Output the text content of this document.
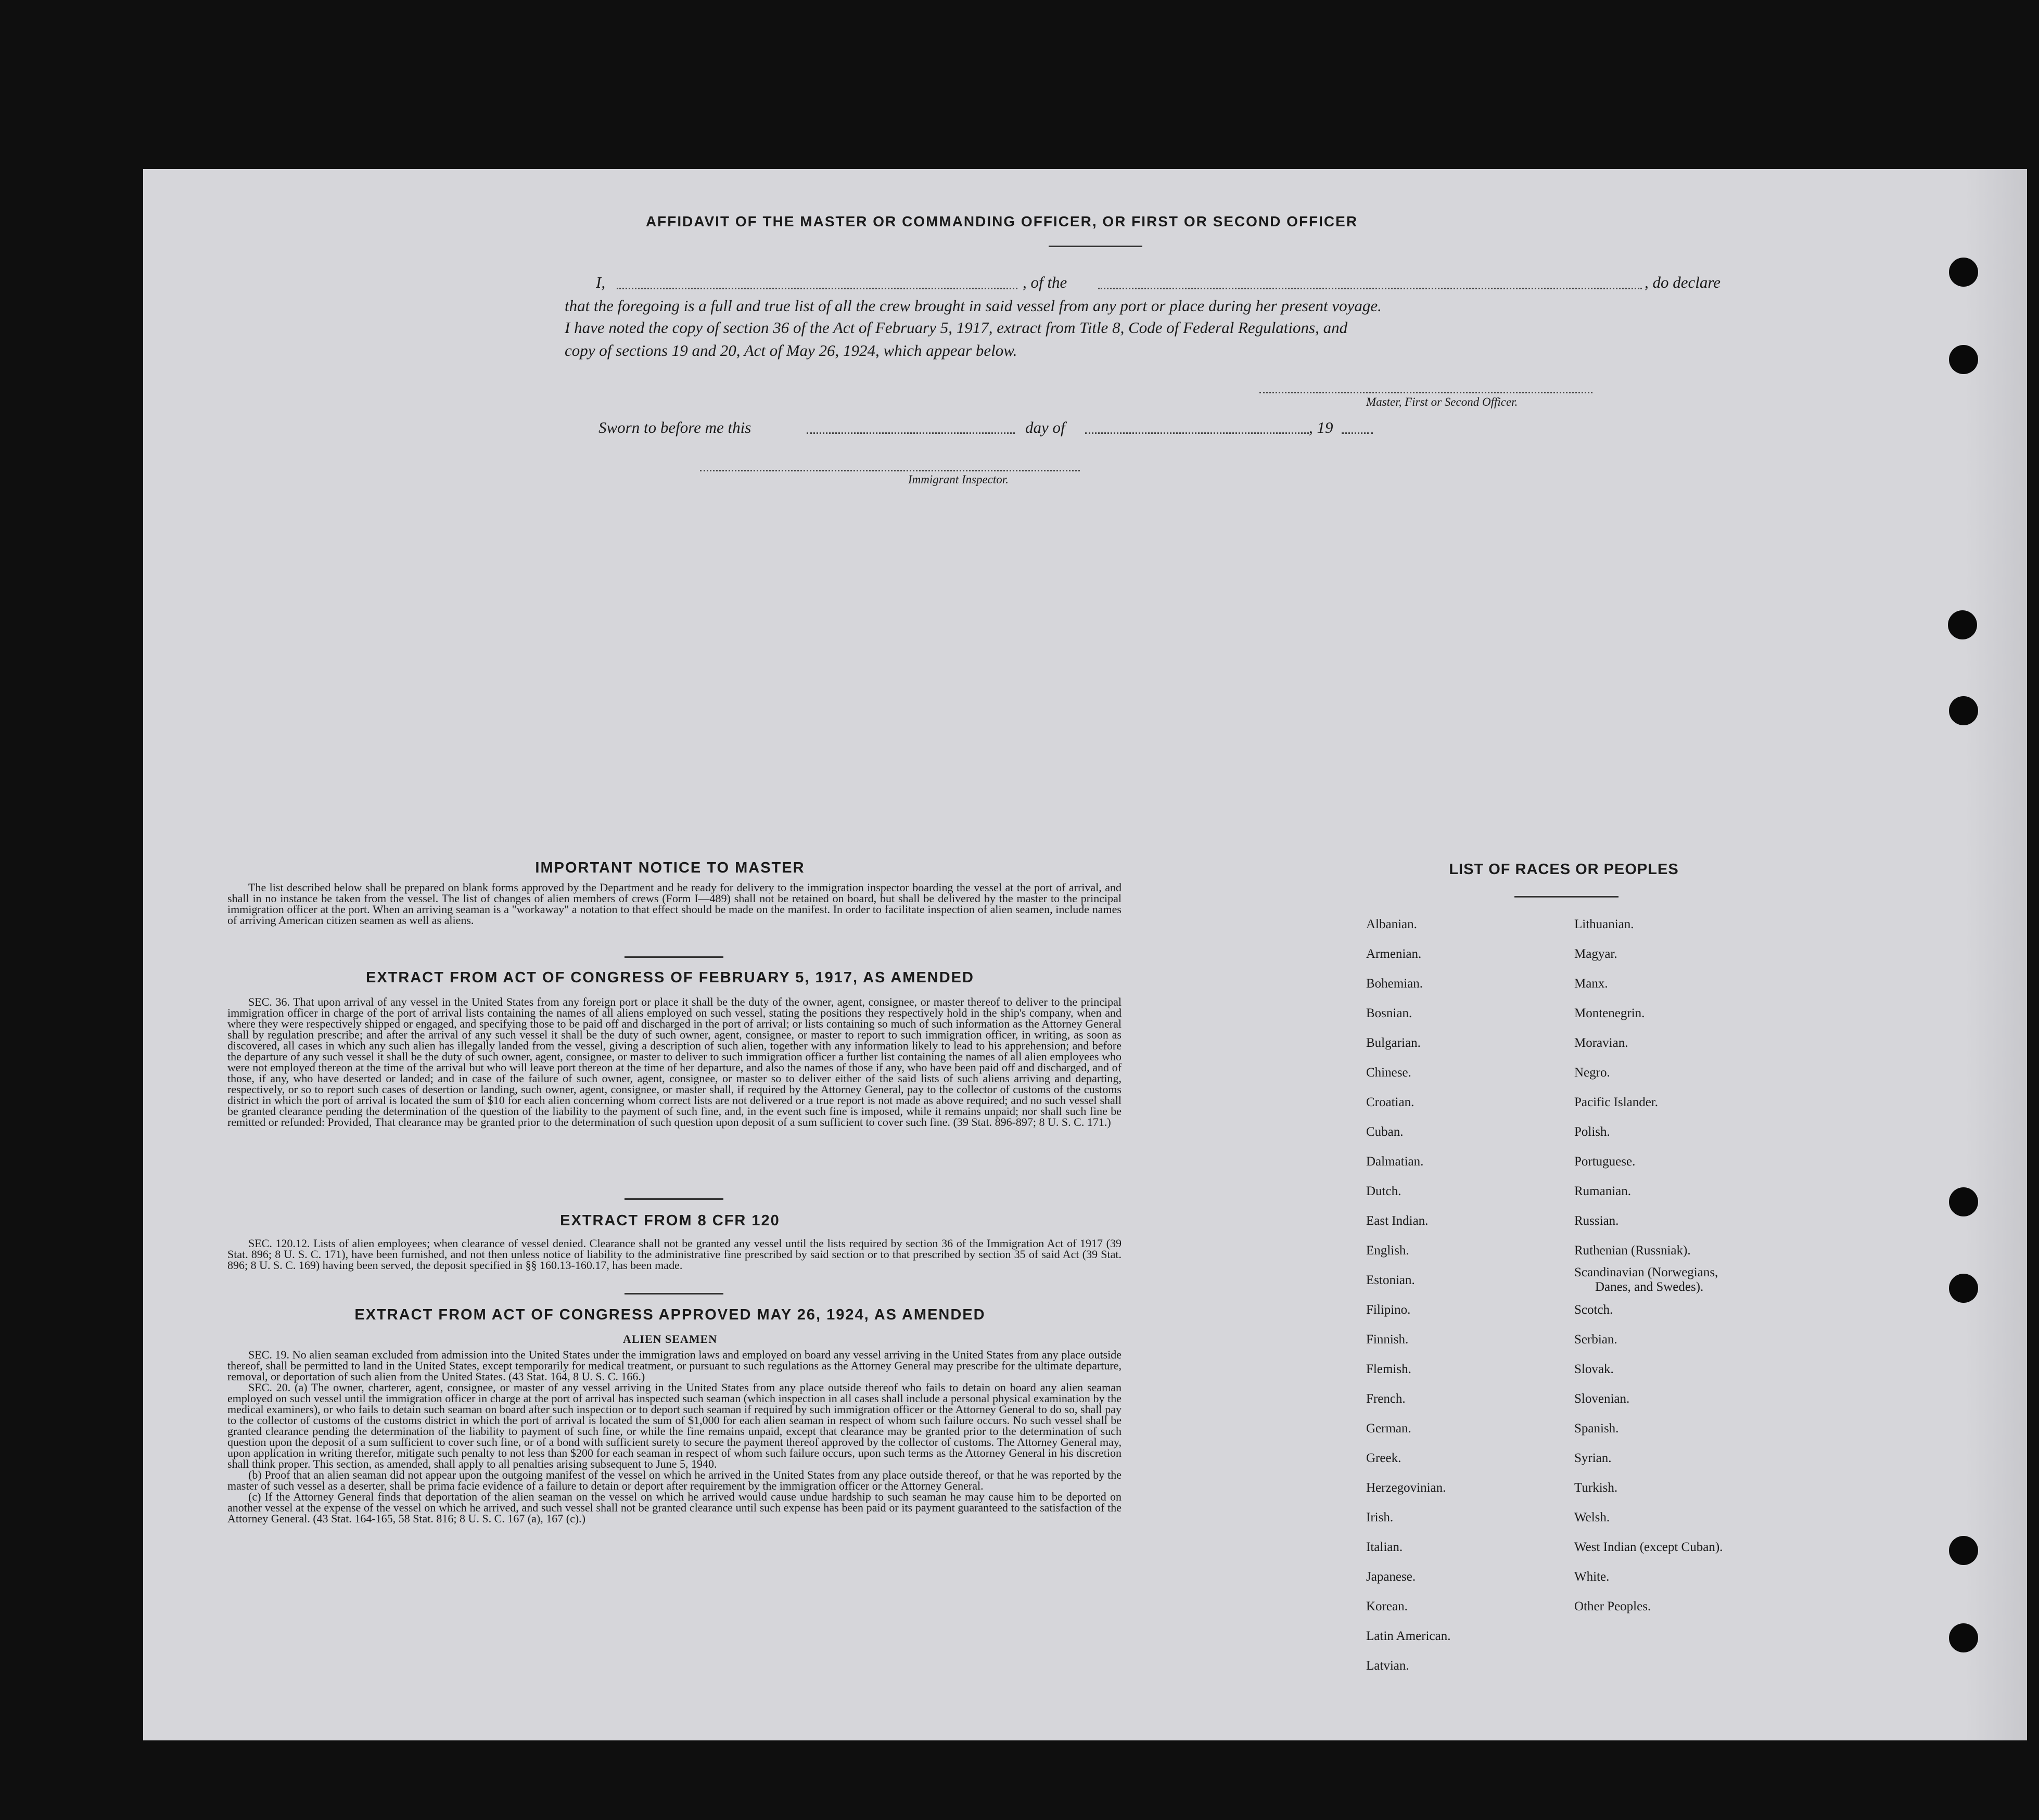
AFFIDAVIT OF THE MASTER OR COMMANDING OFFICER, OR FIRST OR SECOND OFFICER
I,	, of the	, do declare
that the foregoing is a full and true list of all the crew brought in said vessel from any port or place during her present voyage.
I have noted the copy of section 36 of the Act of February 5, 1917, extract from Title 8, Code of Federal Regulations, and
copy of sections 19 and 20, Act of May 26, 1924, which appear below.
Master, First or Second Officer.
Sworn to before me this	day of	, 19
Immigrant Inspector.
IMPORTANT NOTICE TO MASTER

The list described below shall be prepared on blank forms approved by the Department and be ready for delivery to the immigration inspector boarding the vessel at the port of arrival, and shall in no instance be taken from the vessel. The list of changes of alien members of crews (Form I—489) shall not be retained on board, but shall be delivered by the master to the principal immigration officer at the port. When an arriving seaman is a "workaway" a notation to that effect should be made on the manifest. In order to facilitate inspection of alien seamen, include names of arriving American citizen seamen as well as aliens.

EXTRACT FROM ACT OF CONGRESS OF FEBRUARY 5, 1917, AS AMENDED

SEC. 36. That upon arrival of any vessel in the United States from any foreign port or place it shall be the duty of the owner, agent, consignee, or master thereof to deliver to the principal immigration officer in charge of the port of arrival lists containing the names of all aliens employed on such vessel, stating the positions they respectively hold in the ship's company, when and where they were respectively shipped or engaged, and specifying those to be paid off and discharged in the port of arrival; or lists containing so much of such information as the Attorney General shall by regulation prescribe; and after the arrival of any such vessel it shall be the duty of such owner, agent, consignee, or master to report to such immigration officer, in writing, as soon as discovered, all cases in which any such alien has illegally landed from the vessel, giving a description of such alien, together with any information likely to lead to his apprehension; and before the departure of any such vessel it shall be the duty of such owner, agent, consignee, or master to deliver to such immigration officer a further list containing the names of all alien employees who were not employed thereon at the time of the arrival but who will leave port thereon at the time of her departure, and also the names of those if any, who have been paid off and discharged, and of those, if any, who have deserted or landed; and in case of the failure of such owner, agent, consignee, or master so to deliver either of the said lists of such aliens arriving and departing, respectively, or so to report such cases of desertion or landing, such owner, agent, consignee, or master shall, if required by the Attorney General, pay to the collector of customs of the customs district in which the port of arrival is located the sum of $10 for each alien concerning whom correct lists are not delivered or a true report is not made as above required; and no such vessel shall be granted clearance pending the determination of the question of the liability to the payment of such fine, and, in the event such fine is imposed, while it remains unpaid; nor shall such fine be remitted or refunded: Provided, That clearance may be granted prior to the determination of such question upon deposit of a sum sufficient to cover such fine. (39 Stat. 896-897; 8 U. S. C. 171.)

EXTRACT FROM 8 CFR 120

SEC. 120.12. Lists of alien employees; when clearance of vessel denied. Clearance shall not be granted any vessel until the lists required by section 36 of the Immigration Act of 1917 (39 Stat. 896; 8 U. S. C. 171), have been furnished, and not then unless notice of liability to the administrative fine prescribed by said section or to that prescribed by section 35 of said Act (39 Stat. 896; 8 U. S. C. 169) having been served, the deposit specified in §§ 160.13-160.17, has been made.

EXTRACT FROM ACT OF CONGRESS APPROVED MAY 26, 1924, AS AMENDED
ALIEN SEAMEN

SEC. 19. No alien seaman excluded from admission into the United States under the immigration laws and employed on board any vessel arriving in the United States from any place outside thereof, shall be permitted to land in the United States, except temporarily for medical treatment, or pursuant to such regulations as the Attorney General may prescribe for the ultimate departure, removal, or deportation of such alien from the United States. (43 Stat. 164, 8 U. S. C. 166.)

SEC. 20. (a) The owner, charterer, agent, consignee, or master of any vessel arriving in the United States from any place outside thereof who fails to detain on board any alien seaman employed on such vessel until the immigration officer in charge at the port of arrival has inspected such seaman (which inspection in all cases shall include a personal physical examination by the medical examiners), or who fails to detain such seaman on board after such inspection or to deport such seaman if required by such immigration officer or the Attorney General to do so, shall pay to the collector of customs of the customs district in which the port of arrival is located the sum of $1,000 for each alien seaman in respect of whom such failure occurs. No such vessel shall be granted clearance pending the determination of the liability to payment of such fine, or while the fine remains unpaid, except that clearance may be granted prior to the determination of such question upon the deposit of a sum sufficient to cover such fine, or of a bond with sufficient surety to secure the payment thereof approved by the collector of customs. The Attorney General may, upon application in writing therefor, mitigate such penalty to not less than $200 for each seaman in respect of whom such failure occurs, upon such terms as the Attorney General in his discretion shall think proper. This section, as amended, shall apply to all penalties arising subsequent to June 5, 1940.

(b) Proof that an alien seaman did not appear upon the outgoing manifest of the vessel on which he arrived in the United States from any place outside thereof, or that he was reported by the master of such vessel as a deserter, shall be prima facie evidence of a failure to detain or deport after requirement by the immigration officer or the Attorney General.

(c) If the Attorney General finds that deportation of the alien seaman on the vessel on which he arrived would cause undue hardship to such seaman he may cause him to be deported on another vessel at the expense of the vessel on which he arrived, and such vessel shall not be granted clearance until such expense has been paid or its payment guaranteed to the satisfaction of the Attorney General. (43 Stat. 164-165, 58 Stat. 816; 8 U. S. C. 167 (a), 167 (c).)

LIST OF RACES OR PEOPLES
Albanian.
Armenian.
Bohemian.
Bosnian.
Bulgarian.
Chinese.
Croatian.
Cuban.
Dalmatian.
Dutch.
East Indian.
English.
Estonian.
Filipino.
Finnish.
Flemish.
French.
German.
Greek.
Herzegovinian.
Irish.
Italian.
Japanese.
Korean.
Latin American.
Latvian.
Lithuanian.
Magyar.
Manx.
Montenegrin.
Moravian.
Negro.
Pacific Islander.
Polish.
Portuguese.
Rumanian.
Russian.
Ruthenian (Russniak).
Scandinavian (Norwegians,
Danes, and Swedes).
Scotch.
Serbian.
Slovak.
Slovenian.
Spanish.
Syrian.
Turkish.
Welsh.
West Indian (except Cuban).
White.
Other Peoples.
